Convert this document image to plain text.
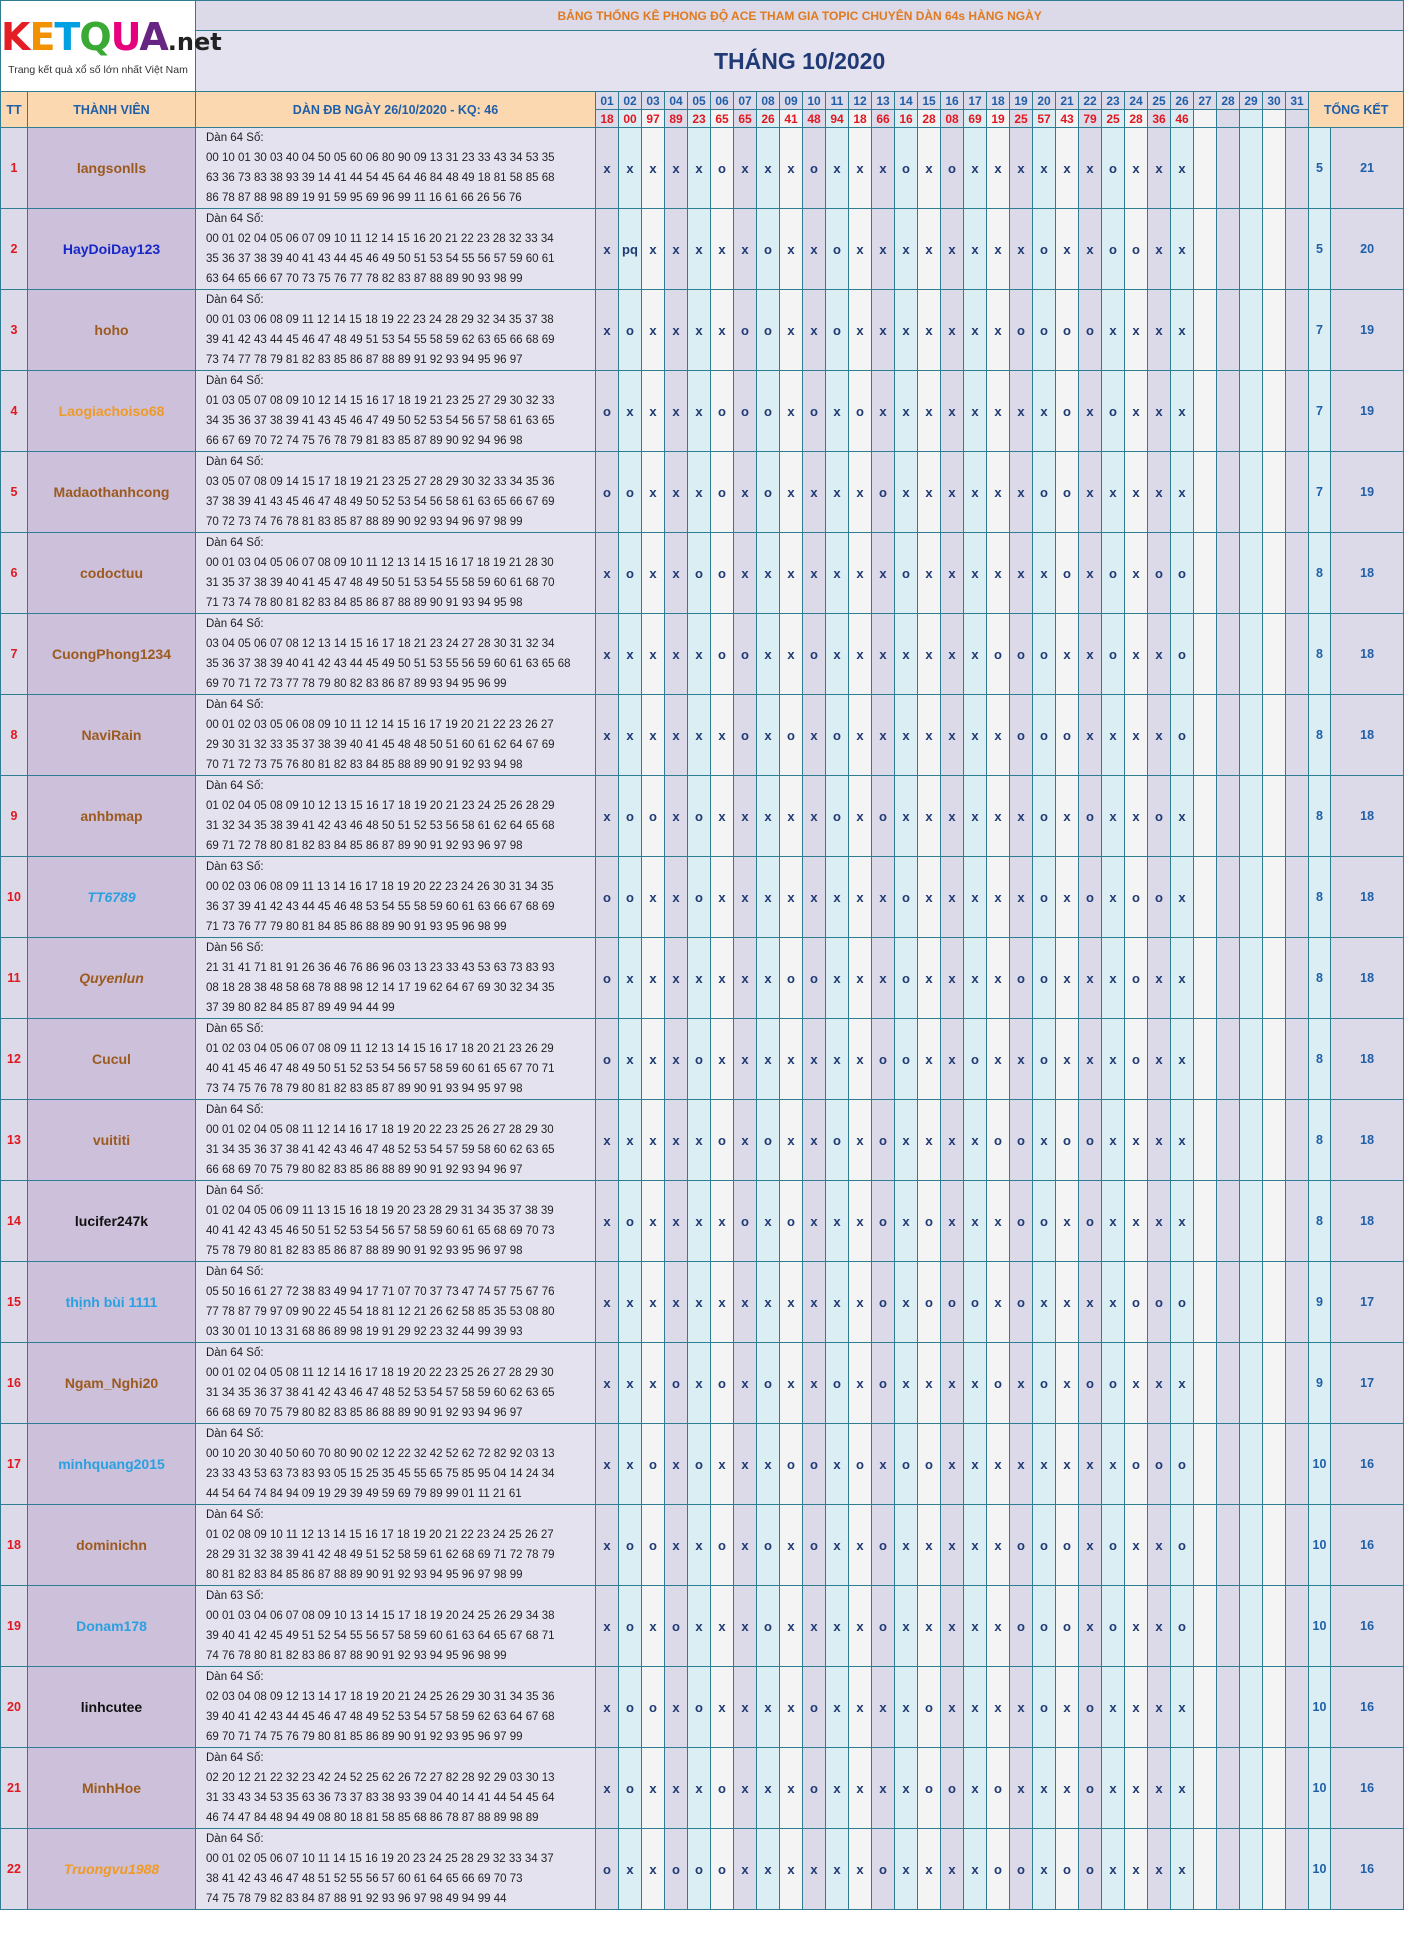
KETQUA.net
Trang kết quả xổ số lớn nhất Việt Nam		BẢNG THỐNG KÊ PHONG ĐỘ ACE THAM GIA TOPIC CHUYÊN DÀN 64s HÀNG NGÀY																																	
		THÁNG 10/2020																																	

TT	THÀNH VIÊN	DÀN ĐB NGÀY 26/10/2020 - KQ: 46	01	02	03	04	05	06	07	08	09	10	11	12	13	14	15	16	17	18	19	20	21	22	23	24	25	26	27	28	29	30	31	TỔNG KẾT	
			18	00	97	89	23	65	65	26	41	48	94	18	66	16	28	08	69	19	25	57	43	79	25	28	36	46							
1	langsonlls	Dàn 64 Số:
00 10 01 30 03 40 04 50 05 60 06 80 90 09 13 31 23 33 43 34 53 35
63 36 73 83 38 93 39 14 41 44 54 45 64 46 84 48 49 18 81 58 85 68
86 78 87 88 98 89 19 91 59 95 69 96 99 11 16 61 66 26 56 76	x	x	x	x	x	o	x	x	x	o	x	x	x	o	x	o	x	x	x	x	x	x	o	x	x	x						5	21
2	HayDoiDay123	Dàn 64 Số:
00 01 02 04 05 06 07 09 10 11 12 14 15 16 20 21 22 23 28 32 33 34
35 36 37 38 39 40 41 43 44 45 46 49 50 51 53 54 55 56 57 59 60 61
63 64 65 66 67 70 73 75 76 77 78 82 83 87 88 89 90 93 98 99	x	pq	x	x	x	x	x	o	x	x	o	x	x	x	x	x	x	x	x	o	x	x	o	o	x	x						5	20
3	hoho	Dàn 64 Số:
00 01 03 06 08 09 11 12 14 15 18 19 22 23 24 28 29 32 34 35 37 38
39 41 42 43 44 45 46 47 48 49 51 53 54 55 58 59 62 63 65 66 68 69
73 74 77 78 79 81 82 83 85 86 87 88 89 91 92 93 94 95 96 97	x	o	x	x	x	x	o	o	x	x	o	x	x	x	x	x	x	x	o	o	o	o	x	x	x	x						7	19
4	Laogiachoiso68	Dàn 64 Số:
01 03 05 07 08 09 10 12 14 15 16 17 18 19 21 23 25 27 29 30 32 33
34 35 36 37 38 39 41 43 45 46 47 49 50 52 53 54 56 57 58 61 63 65
66 67 69 70 72 74 75 76 78 79 81 83 85 87 89 90 92 94 96 98	o	x	x	x	x	o	o	o	x	o	x	o	x	x	x	x	x	x	x	x	o	x	o	x	x	x						7	19
5	Madaothanhcong	Dàn 64 Số:
03 05 07 08 09 14 15 17 18 19 21 23 25 27 28 29 30 32 33 34 35 36
37 38 39 41 43 45 46 47 48 49 50 52 53 54 56 58 61 63 65 66 67 69
70 72 73 74 76 78 81 83 85 87 88 89 90 92 93 94 96 97 98 99	o	o	x	x	x	o	x	o	x	x	x	x	o	x	x	x	x	x	x	o	o	x	x	x	x	x						7	19
6	codoctuu	Dàn 64 Số:
00 01 03 04 05 06 07 08 09 10 11 12 13 14 15 16 17 18 19 21 28 30
31 35 37 38 39 40 41 45 47 48 49 50 51 53 54 55 58 59 60 61 68 70
71 73 74 78 80 81 82 83 84 85 86 87 88 89 90 91 93 94 95 98	x	o	x	x	o	o	x	x	x	x	x	x	x	o	x	x	x	x	x	x	o	x	o	x	o	o						8	18
7	CuongPhong1234	Dàn 64 Số:
03 04 05 06 07 08 12 13 14 15 16 17 18 21 23 24 27 28 30 31 32 34
35 36 37 38 39 40 41 42 43 44 45 49 50 51 53 55 56 59 60 61 63 65 68
69 70 71 72 73 77 78 79 80 82 83 86 87 89 93 94 95 96 99	x	x	x	x	x	o	o	x	x	o	x	x	x	x	x	x	x	o	o	o	x	x	o	x	x	o						8	18
8	NaviRain	Dàn 64 Số:
00 01 02 03 05 06 08 09 10 11 12 14 15 16 17 19 20 21 22 23 26 27
29 30 31 32 33 35 37 38 39 40 41 45 48 48 50 51 60 61 62 64 67 69
70 71 72 73 75 76 80 81 82 83 84 85 88 89 90 91 92 93 94 98	x	x	x	x	x	x	o	x	o	x	o	x	x	x	x	x	x	x	o	o	o	x	x	x	x	o						8	18
9	anhbmap	Dàn 64 Số:
01 02 04 05 08 09 10 12 13 15 16 17 18 19 20 21 23 24 25 26 28 29
31 32 34 35 38 39 41 42 43 46 48 50 51 52 53 56 58 61 62 64 65 68
69 71 72 78 80 81 82 83 84 85 86 87 89 90 91 92 93 96 97 98	x	o	o	x	o	x	x	x	x	x	o	x	o	x	x	x	x	x	x	o	x	o	x	x	o	x						8	18
10	TT6789	Dàn 63 Số:
00 02 03 06 08 09 11 13 14 16 17 18 19 20 22 23 24 26 30 31 34 35
36 37 39 41 42 43 44 45 46 48 53 54 55 58 59 60 61 63 66 67 68 69
71 73 76 77 79 80 81 84 85 86 88 89 90 91 93 95 96 98 99	o	o	x	x	o	x	x	x	x	x	x	x	x	o	x	x	x	x	x	o	x	o	x	o	o	x						8	18
11	Quyenlun	Dàn 56 Số:
21 31 41 71 81 91 26 36 46 76 86 96 03 13 23 33 43 53 63 73 83 93
08 18 28 38 48 58 68 78 88 98 12 14 17 19 62 64 67 69 30 32 34 35
37 39 80 82 84 85 87 89 49 94 44 99	o	x	x	x	x	x	x	x	o	o	x	x	x	o	x	x	x	x	o	o	x	x	x	o	x	x						8	18
12	Cucul	Dàn 65 Số:
01 02 03 04 05 06 07 08 09 11 12 13 14 15 16 17 18 20 21 23 26 29
40 41 45 46 47 48 49 50 51 52 53 54 56 57 58 59 60 61 65 67 70 71
73 74 75 76 78 79 80 81 82 83 85 87 89 90 91 93 94 95 97 98	o	x	x	x	o	x	x	x	x	x	x	x	o	o	x	x	o	x	x	o	x	x	x	o	x	x						8	18
13	vuititi	Dàn 64 Số:
00 01 02 04 05 08 11 12 14 16 17 18 19 20 22 23 25 26 27 28 29 30
31 34 35 36 37 38 41 42 43 46 47 48 52 53 54 57 59 58 60 62 63 65
66 68 69 70 75 79 80 82 83 85 86 88 89 90 91 92 93 94 96 97	x	x	x	x	x	o	x	o	x	x	o	x	o	x	x	x	x	o	o	x	o	o	x	x	x	x						8	18
14	lucifer247k	Dàn 64 Số:
01 02 04 05 06 09 11 13 15 16 18 19 20 23 28 29 31 34 35 37 38 39
40 41 42 43 45 46 50 51 52 53 54 56 57 58 59 60 61 65 68 69 70 73
75 78 79 80 81 82 83 85 86 87 88 89 90 91 92 93 95 96 97 98	x	o	x	x	x	x	o	x	o	x	x	x	o	x	o	x	x	x	o	o	x	o	x	x	x	x						8	18
15	thịnh bùi 1111	Dàn 64 Số:
05 50 16 61 27 72 38 83 49 94 17 71 07 70 37 73 47 74 57 75 67 76
77 78 87 79 97 09 90 22 45 54 18 81 12 21 26 62 58 85 35 53 08 80
03 30 01 10 13 31 68 86 89 98 19 91 29 92 23 32 44 99 39 93	x	x	x	x	x	x	x	x	x	x	x	x	o	x	o	o	o	x	o	x	x	x	x	o	o	o						9	17
16	Ngam_Nghi20	Dàn 64 Số:
00 01 02 04 05 08 11 12 14 16 17 18 19 20 22 23 25 26 27 28 29 30
31 34 35 36 37 38 41 42 43 46 47 48 52 53 54 57 58 59 60 62 63 65
66 68 69 70 75 79 80 82 83 85 86 88 89 90 91 92 93 94 96 97	x	x	x	o	x	o	x	o	x	x	o	x	o	x	x	x	x	o	x	o	x	o	o	x	x	x						9	17
17	minhquang2015	Dàn 64 Số:
00 10 20 30 40 50 60 70 80 90 02 12 22 32 42 52 62 72 82 92 03 13
23 33 43 53 63 73 83 93 05 15 25 35 45 55 65 75 85 95 04 14 24 34
44 54 64 74 84 94 09 19 29 39 49 59 69 79 89 99 01 11 21 61	x	x	o	x	o	x	x	x	o	o	x	o	x	o	o	x	x	x	x	x	x	x	x	o	o	o						10	16
18	dominichn	Dàn 64 Số:
01 02 08 09 10 11 12 13 14 15 16 17 18 19 20 21 22 23 24 25 26 27
28 29 31 32 38 39 41 42 48 49 51 52 58 59 61 62 68 69 71 72 78 79
80 81 82 83 84 85 86 87 88 89 90 91 92 93 94 95 96 97 98 99	x	o	o	x	x	o	x	o	x	o	x	x	o	x	x	x	x	x	o	o	o	x	o	x	x	o						10	16
19	Donam178	Dàn 63 Số:
00 01 03 04 06 07 08 09 10 13 14 15 17 18 19 20 24 25 26 29 34 38
39 40 41 42 45 49 51 52 54 55 56 57 58 59 60 61 63 64 65 67 68 71
74 76 78 80 81 82 83 86 87 88 90 91 92 93 94 95 96 98 99	x	o	x	o	x	x	x	o	x	x	x	x	o	x	x	x	x	x	o	o	o	x	o	x	x	o						10	16
20	linhcutee	Dàn 64 Số:
02 03 04 08 09 12 13 14 17 18 19 20 21 24 25 26 29 30 31 34 35 36
39 40 41 42 43 44 45 46 47 48 49 52 53 54 57 58 59 62 63 64 67 68
69 70 71 74 75 76 79 80 81 85 86 89 90 91 92 93 95 96 97 99	x	o	o	x	o	x	x	x	x	o	x	x	x	x	o	x	x	x	x	o	x	o	x	x	x	x						10	16
21	MinhHoe	Dàn 64 Số:
02 20 12 21 22 32 23 42 24 52 25 62 26 72 27 82 28 92 29 03 30 13
31 33 43 34 53 35 63 36 73 37 83 38 93 39 04 40 14 41 44 54 45 64
46 74 47 84 48 94 49 08 80 18 81 58 85 68 86 78 87 88 89 98 89	x	o	x	x	x	o	x	x	x	o	x	x	x	x	o	o	x	o	x	x	x	o	x	x	x	x						10	16
22	Truongvu1988	Dàn 64 Số:
00 01 02 05 06 07 10 11 14 15 16 19 20 23 24 25 28 29 32 33 34 37
38 41 42 43 46 47 48 51 52 55 56 57 60 61 64 65 66 69 70 73
74 75 78 79 82 83 84 87 88 91 92 93 96 97 98 49 94 99 44	o	x	x	o	o	o	x	x	x	x	x	x	o	x	x	x	x	o	o	x	o	o	x	x	x	x						10	16
